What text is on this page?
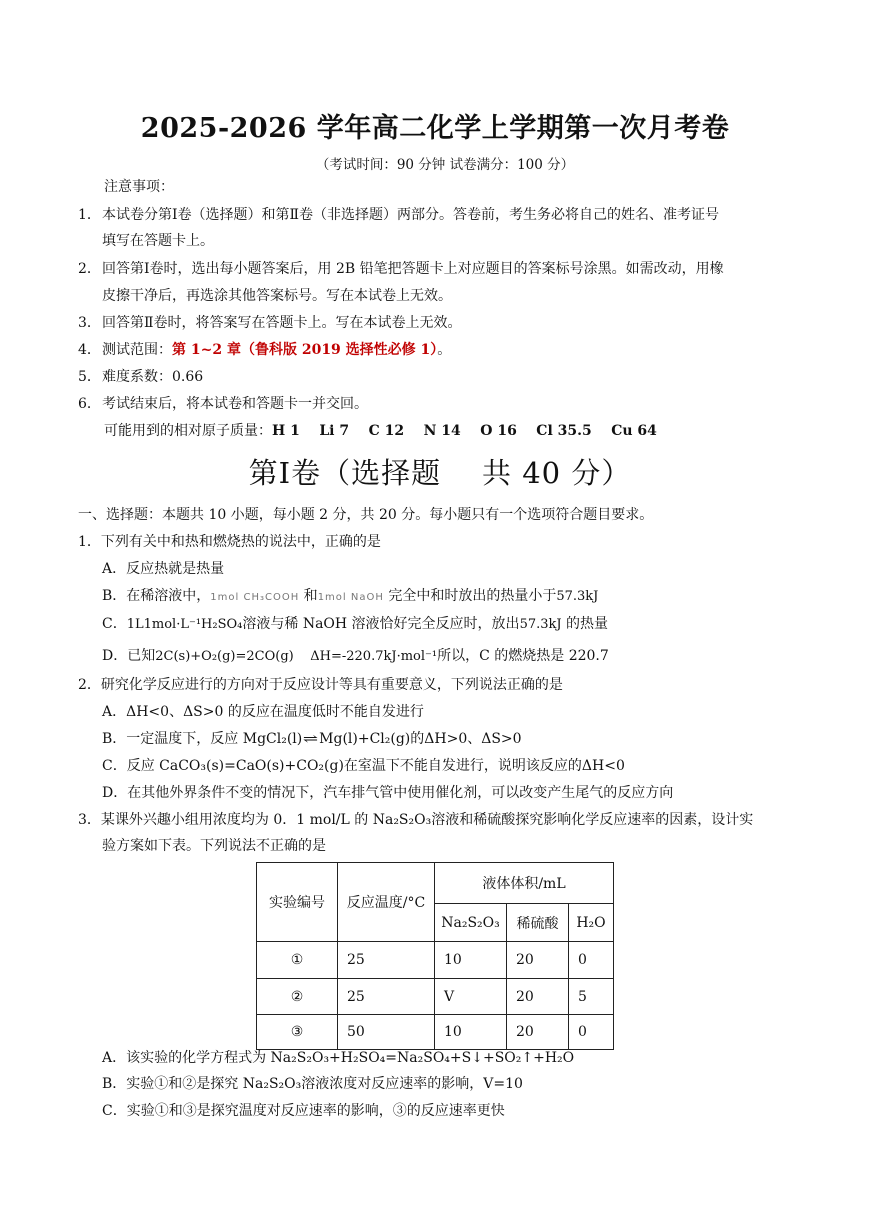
2025-2026 学年高二化学上学期第一次月考卷
（考试时间：90 分钟 试卷满分：100 分）
注意事项：
1．本试卷分第Ⅰ卷（选择题）和第Ⅱ卷（非选择题）两部分。答卷前，考生务必将自己的姓名、准考证号
填写在答题卡上。
2．回答第Ⅰ卷时，选出每小题答案后，用 2B 铅笔把答题卡上对应题目的答案标号涂黑。如需改动，用橡
皮擦干净后，再选涂其他答案标号。写在本试卷上无效。
3．回答第Ⅱ卷时，将答案写在答题卡上。写在本试卷上无效。
4．测试范围：第 1~2 章（鲁科版 2019 选择性必修 1）。
5．难度系数：0.66
6．考试结束后，将本试卷和答题卡一并交回。
可能用到的相对原子质量：H 1    Li 7    C 12    N 14    O 16    Cl 35.5    Cu 64
第Ⅰ卷（选择题    共 40 分）
一、选择题：本题共 10 小题，每小题 2 分，共 20 分。每小题只有一个选项符合题目要求。
1．下列有关中和热和燃烧热的说法中，正确的是
A．反应热就是热量
B．在稀溶液中，1mol CH₃COOH 和1mol NaOH 完全中和时放出的热量小于57.3kJ
C．1L1mol·L⁻¹H₂SO₄溶液与稀 NaOH 溶液恰好完全反应时，放出57.3kJ 的热量
D．已知2C(s)+O₂(g)=2CO(g)    ΔH=-220.7kJ·mol⁻¹所以，C 的燃烧热是 220.7
2．研究化学反应进行的方向对于反应设计等具有重要意义，下列说法正确的是
A．ΔH<0、ΔS>0 的反应在温度低时不能自发进行
B．一定温度下，反应 MgCl₂(l)⇌Mg(l)+Cl₂(g)的ΔH>0、ΔS>0
C．反应 CaCO₃(s)=CaO(s)+CO₂(g)在室温下不能自发进行，说明该反应的ΔH<0
D．在其他外界条件不变的情况下，汽车排气管中使用催化剂，可以改变产生尾气的反应方向
3．某课外兴趣小组用浓度均为 0．1 mol/L 的 Na₂S₂O₃溶液和稀硫酸探究影响化学反应速率的因素，设计实
验方案如下表。下列说法不正确的是
实验编号	反应温度/°C	液体体积/mL		
		Na₂S₂O₃	稀硫酸	H₂O
①	25	10	20	0
②	25	V	20	5
③	50	10	20	0
A．该实验的化学方程式为 Na₂S₂O₃+H₂SO₄=Na₂SO₄+S↓+SO₂↑+H₂O
B．实验①和②是探究 Na₂S₂O₃溶液浓度对反应速率的影响，V=10
C．实验①和③是探究温度对反应速率的影响，③的反应速率更快
